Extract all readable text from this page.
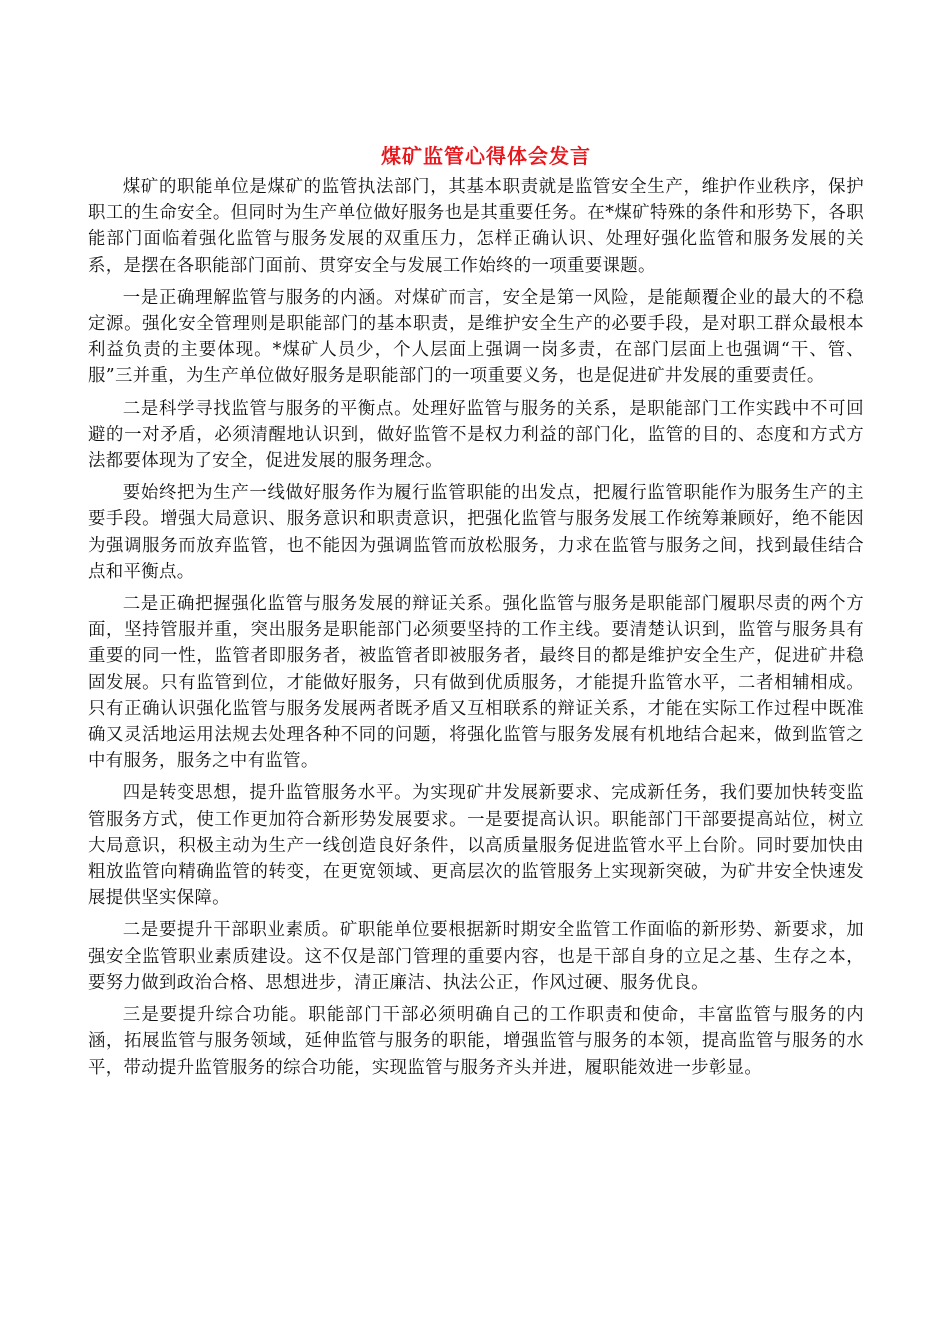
煤矿监管心得体会发言

煤矿的职能单位是煤矿的监管执法部门，其基本职责就是监管安全生产，维护作业秩序，保护职工的生命安全。但同时为生产单位做好服务也是其重要任务。在*煤矿特殊的条件和形势下，各职能部门面临着强化监管与服务发展的双重压力，怎样正确认识、处理好强化监管和服务发展的关系，是摆在各职能部门面前、贯穿安全与发展工作始终的一项重要课题。

一是正确理解监管与服务的内涵。对煤矿而言，安全是第一风险，是能颠覆企业的最大的不稳定源。强化安全管理则是职能部门的基本职责，是维护安全生产的必要手段，是对职工群众最根本利益负责的主要体现。*煤矿人员少，个人层面上强调一岗多责，在部门层面上也强调“干、管、服”三并重，为生产单位做好服务是职能部门的一项重要义务，也是促进矿井发展的重要责任。

二是科学寻找监管与服务的平衡点。处理好监管与服务的关系，是职能部门工作实践中不可回避的一对矛盾，必须清醒地认识到，做好监管不是权力利益的部门化，监管的目的、态度和方式方法都要体现为了安全，促进发展的服务理念。

要始终把为生产一线做好服务作为履行监管职能的出发点，把履行监管职能作为服务生产的主要手段。增强大局意识、服务意识和职责意识，把强化监管与服务发展工作统筹兼顾好，绝不能因为强调服务而放弃监管，也不能因为强调监管而放松服务，力求在监管与服务之间，找到最佳结合点和平衡点。

二是正确把握强化监管与服务发展的辩证关系。强化监管与服务是职能部门履职尽责的两个方面，坚持管服并重，突出服务是职能部门必须要坚持的工作主线。要清楚认识到，监管与服务具有重要的同一性，监管者即服务者，被监管者即被服务者，最终目的都是维护安全生产，促进矿井稳固发展。只有监管到位，才能做好服务，只有做到优质服务，才能提升监管水平，二者相辅相成。只有正确认识强化监管与服务发展两者既矛盾又互相联系的辩证关系，才能在实际工作过程中既准确又灵活地运用法规去处理各种不同的问题，将强化监管与服务发展有机地结合起来，做到监管之中有服务，服务之中有监管。

四是转变思想，提升监管服务水平。为实现矿井发展新要求、完成新任务，我们要加快转变监管服务方式，使工作更加符合新形势发展要求。一是要提高认识。职能部门干部要提高站位，树立大局意识，积极主动为生产一线创造良好条件，以高质量服务促进监管水平上台阶。同时要加快由粗放监管向精确监管的转变，在更宽领域、更高层次的监管服务上实现新突破，为矿井安全快速发展提供坚实保障。

二是要提升干部职业素质。矿职能单位要根据新时期安全监管工作面临的新形势、新要求，加强安全监管职业素质建设。这不仅是部门管理的重要内容，也是干部自身的立足之基、生存之本，要努力做到政治合格、思想进步，清正廉洁、执法公正，作风过硬、服务优良。

三是要提升综合功能。职能部门干部必须明确自己的工作职责和使命，丰富监管与服务的内涵，拓展监管与服务领域，延伸监管与服务的职能，增强监管与服务的本领，提高监管与服务的水平，带动提升监管服务的综合功能，实现监管与服务齐头并进，履职能效进一步彰显。
